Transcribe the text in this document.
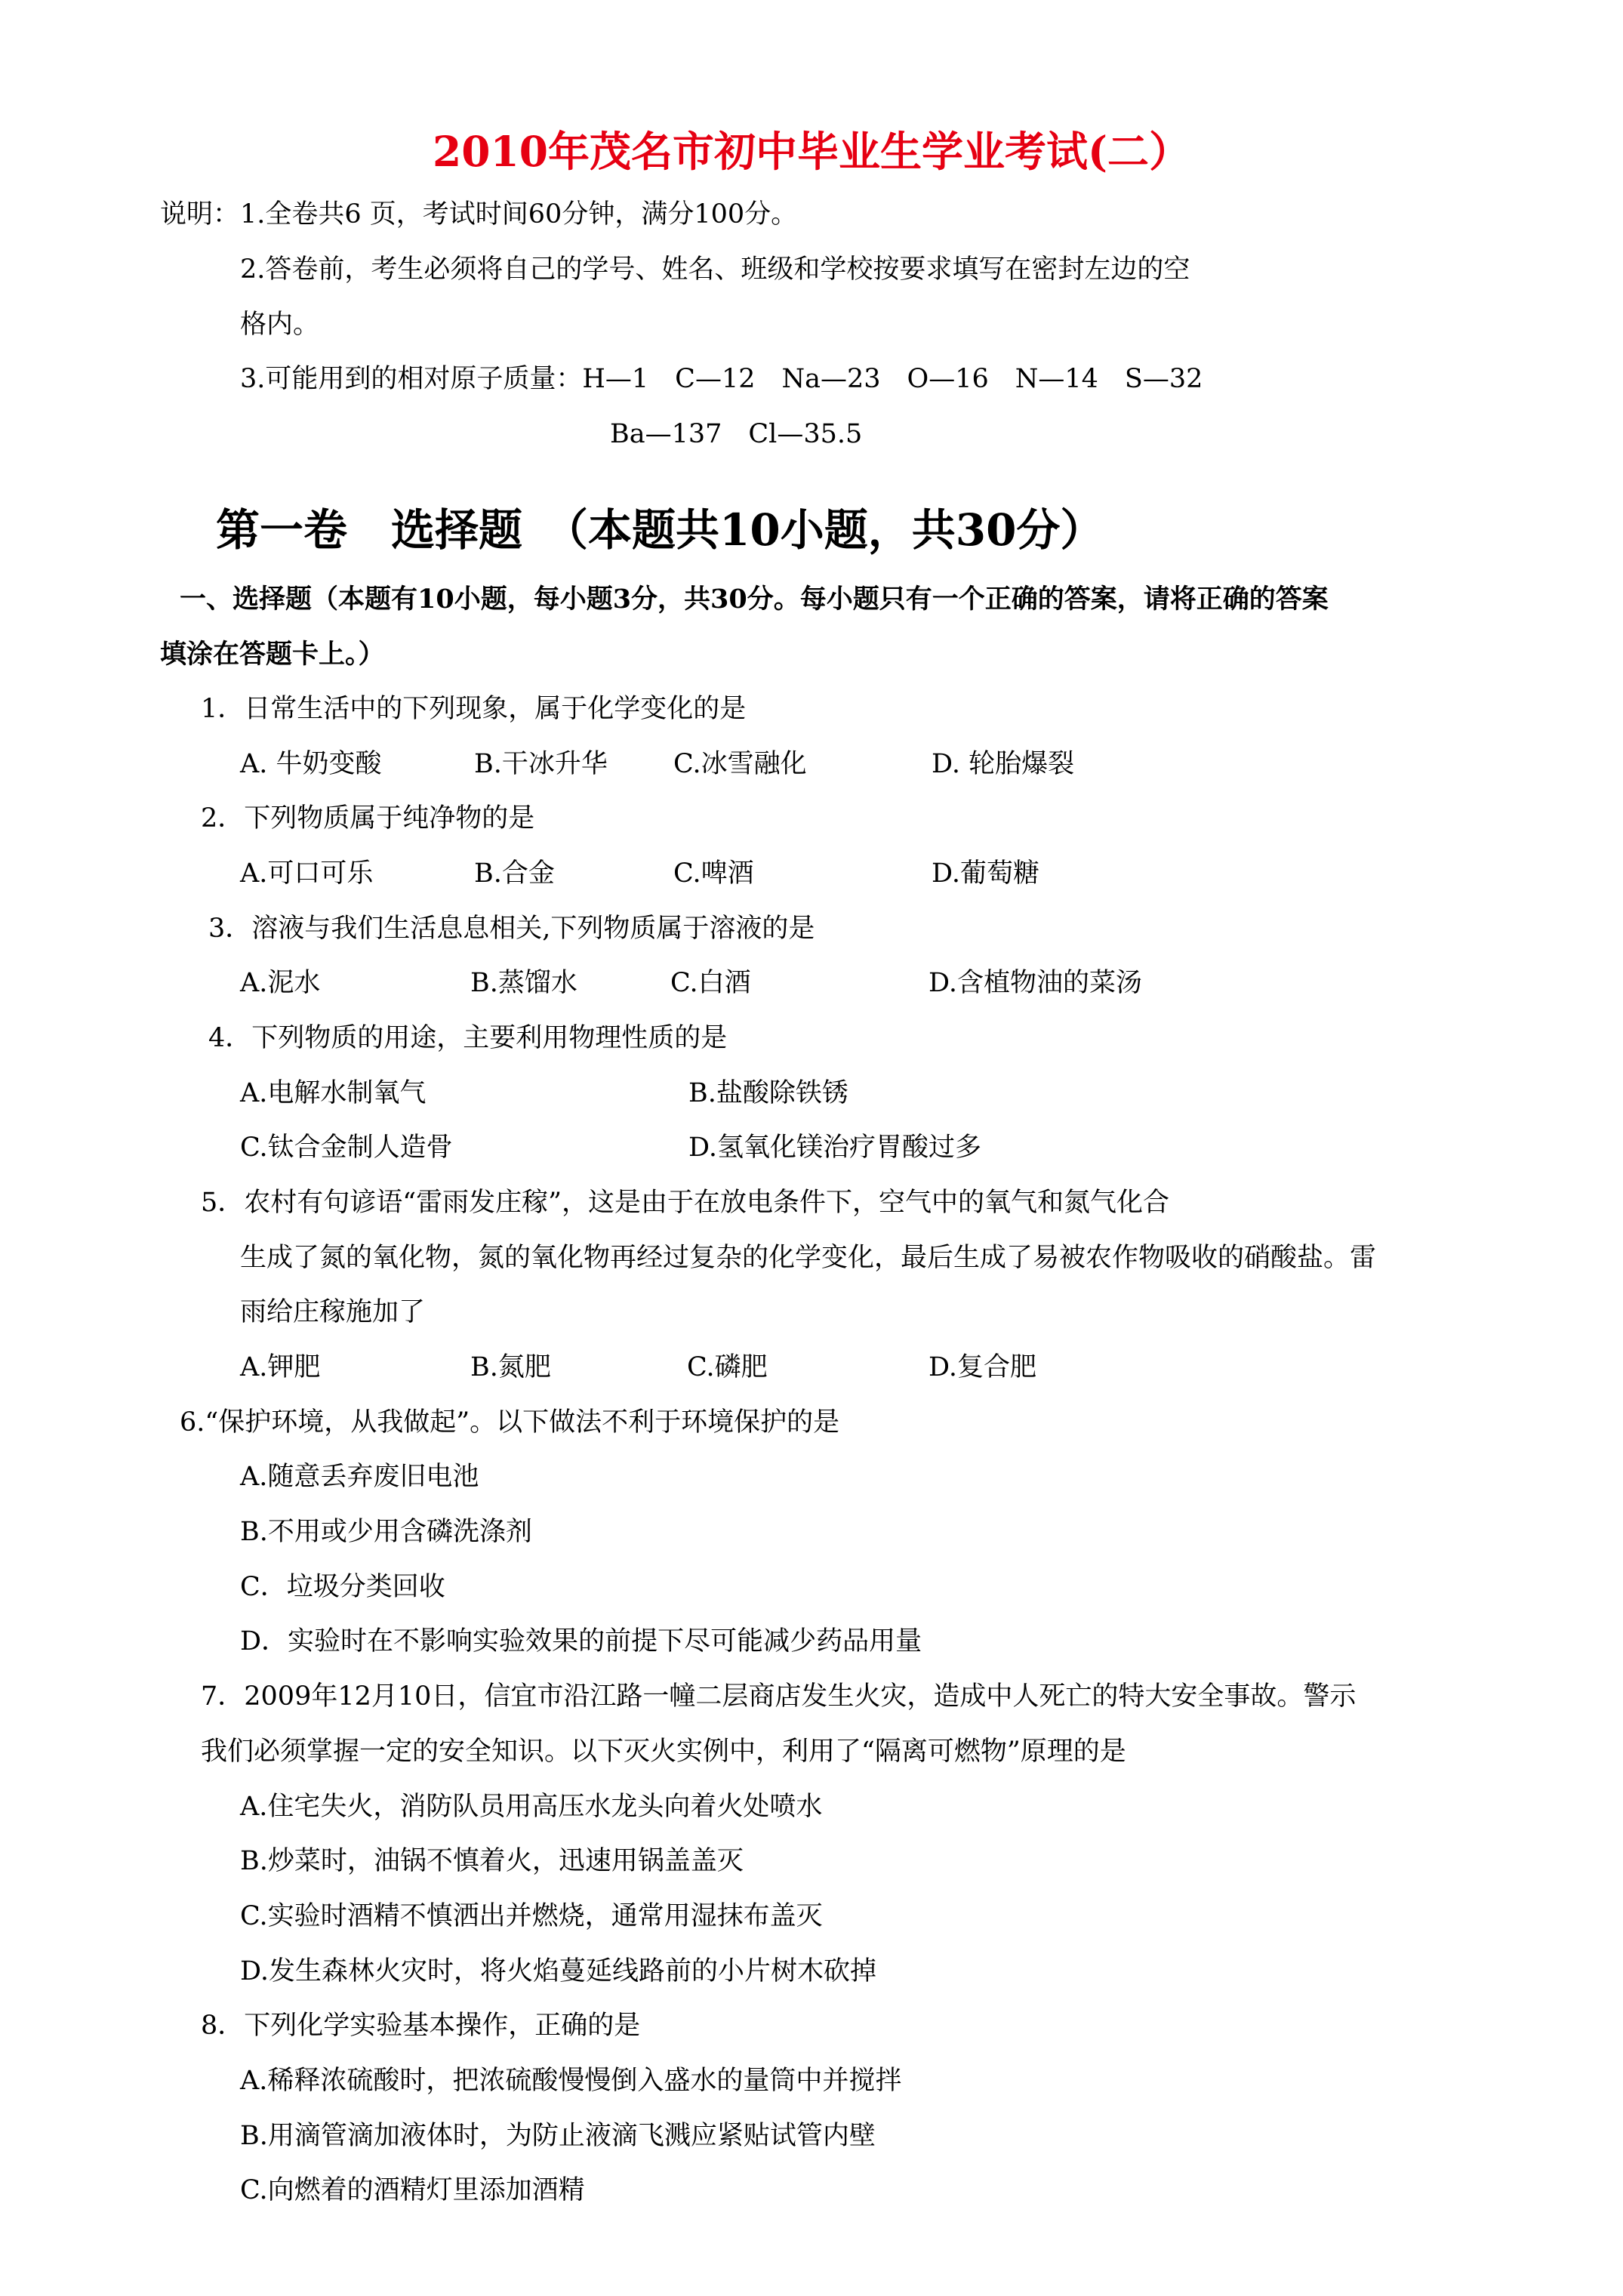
2010年茂名市初中毕业生学业考试(二）
说明： 1.全卷共6 页，考试时间60分钟，满分100分。
2.答卷前，考生必须将自己的学号、姓名、班级和学校按要求填写在密封左边的空
格内。
3.可能用到的相对原子质量：H—1　C—12　Na—23　O—16　N—14　S—32
Ba—137　Cl—35.5
第一卷　选择题　（本题共10小题，共30分）
一、选择题（本题有10小题，每小题3分，共30分。每小题只有一个正确的答案，请将正确的答案
填涂在答题卡上。）
1．日常生活中的下列现象，属于化学变化的是
A. 牛奶变酸	B.干冰升华 C.冰雪融化	D. 轮胎爆裂
2．下列物质属于纯净物的是
A.可口可乐	B.合金	C.啤酒	D.葡萄糖
3．溶液与我们生活息息相关,下列物质属于溶液的是
A.泥水	B.蒸馏水	C.白酒	D.含植物油的菜汤
4．下列物质的用途，主要利用物理性质的是
A.电解水制氧气	B.盐酸除铁锈
C.钛合金制人造骨	D.氢氧化镁治疗胃酸过多
5．农村有句谚语“雷雨发庄稼”，这是由于在放电条件下，空气中的氧气和氮气化合
生成了氮的氧化物，氮的氧化物再经过复杂的化学变化，最后生成了易被农作物吸收的硝酸盐。雷
雨给庄稼施加了
A.钾肥	B.氮肥	C.磷肥	D.复合肥
6.“保护环境，从我做起”。以下做法不利于环境保护的是
A.随意丢弃废旧电池
B.不用或少用含磷洗涤剂
C．垃圾分类回收
D．实验时在不影响实验效果的前提下尽可能减少药品用量
7．2009年12月10日，信宜市沿江路一幢二层商店发生火灾，造成中人死亡的特大安全事故。警示
我们必须掌握一定的安全知识。以下灭火实例中，利用了“隔离可燃物”原理的是
A.住宅失火，消防队员用高压水龙头向着火处喷水
B.炒菜时，油锅不慎着火，迅速用锅盖盖灭
C.实验时酒精不慎洒出并燃烧，通常用湿抹布盖灭
D.发生森林火灾时，将火焰蔓延线路前的小片树木砍掉
8．下列化学实验基本操作，正确的是
A.稀释浓硫酸时，把浓硫酸慢慢倒入盛水的量筒中并搅拌
B.用滴管滴加液体时，为防止液滴飞溅应紧贴试管内壁
C.向燃着的酒精灯里添加酒精
